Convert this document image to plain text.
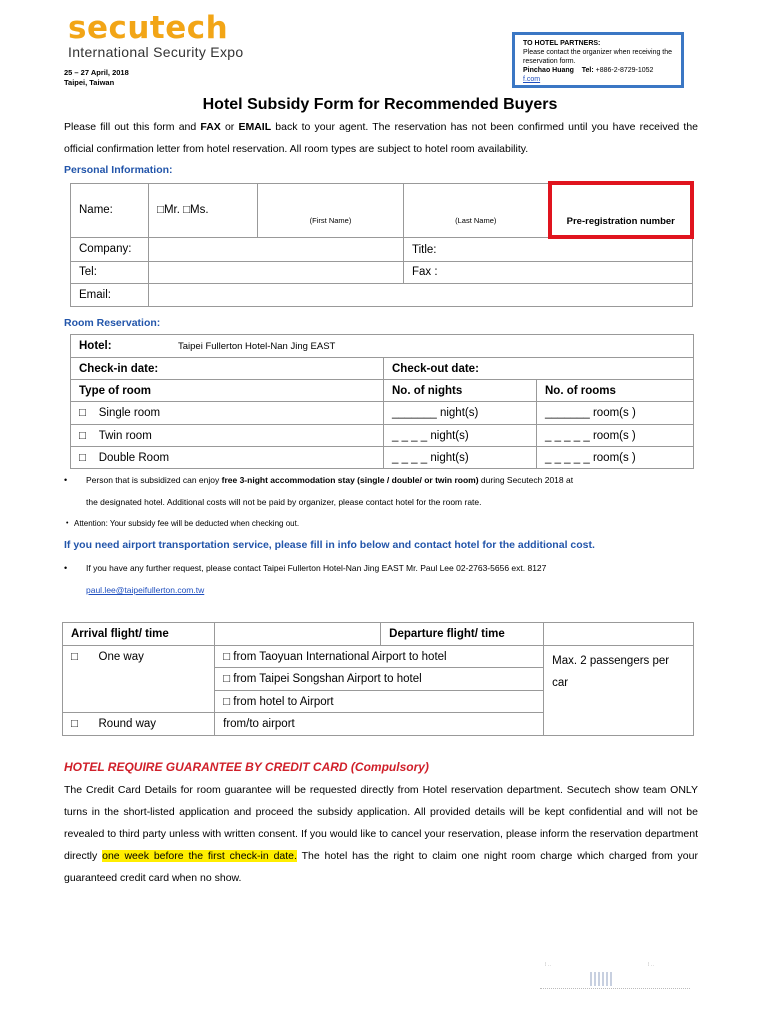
secutech
International Security Expo
25 – 27 April, 2018
Taipei, Taiwan
TO HOTEL PARTNERS:
Please contact the organizer when receiving the reservation form.
Pinchao Huang Tel: +886-2-8729-1052
f.com
Hotel Subsidy Form for Recommended Buyers
Please fill out this form and FAX or EMAIL back to your agent. The reservation has not been confirmed until you have received the official confirmation letter from hotel reservation. All room types are subject to hotel room availability.
Personal Information:
Name:	□Mr. □Ms.	(First Name)	(Last Name)	Pre-registration number
Company:			Title:	
Tel:			Fax :	
Email:				
Room Reservation:
Hotel: Taipei Fullerton Hotel-Nan Jing EAST		
Check-in date:	Check-out date:	
Type of room	No. of nights	No. of rooms
□ Single room	_______ night(s)	_______ room(s )
□ Twin room	_ _ _ _ night(s)	_ _ _ _ _ room(s )
□ Double Room	_ _ _ _ night(s)	_ _ _ _ _ room(s )
• Person that is subsidized can enjoy free 3-night accommodation stay (single / double/ or twin room) during Secutech 2018 at
the designated hotel. Additional costs will not be paid by organizer, please contact hotel for the room rate.
• Attention: Your subsidy fee will be deducted when checking out.
If you need airport transportation service, please fill in info below and contact hotel for the additional cost.
• If you have any further request, please contact Taipei Fullerton Hotel-Nan Jing EAST Mr. Paul Lee 02-2763-5656 ext. 8127
paul.lee@taipeifullerton.com.tw
Arrival flight/ time			Departure flight/ time	
□	One way	□ from Taoyuan International Airport to hotel		Max. 2 passengers per
car

		□ from Taipei Songshan Airport to hotel		
		□ from hotel to Airport		
□	Round way	from/to airport		
HOTEL REQUIRE GUARANTEE BY CREDIT CARD (Compulsory)
The Credit Card Details for room guarantee will be requested directly from Hotel reservation department. Secutech show team ONLY turns in the short-listed application and proceed the subsidy application. All provided details will be kept confidential and will not be revealed to third party unless with written consent. If you would like to cancel your reservation, please inform the reservation department directly one week before the first check-in date. The hotel has the right to claim one night room charge which charged from your guaranteed credit card when no show.
⁞ ‥	⁞ ‥
